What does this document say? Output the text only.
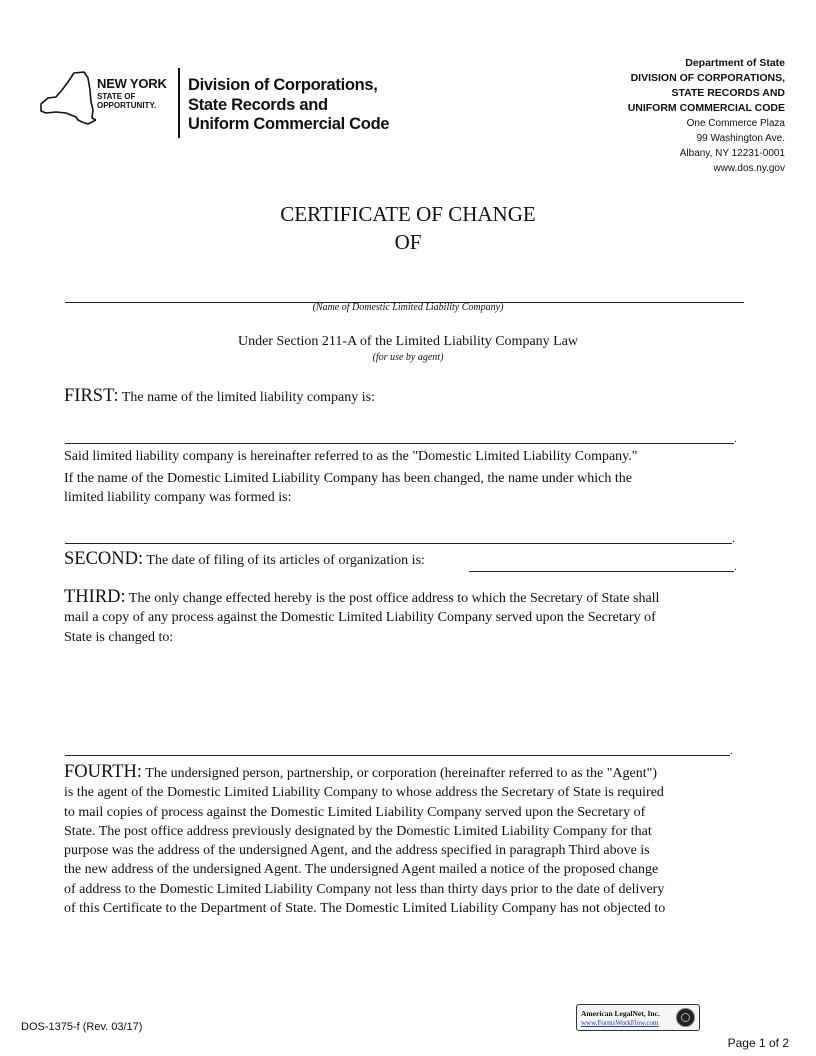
NEW YORK
STATE OF
OPPORTUNITY.
Division of Corporations,
State Records and
Uniform Commercial Code
Department of State
DIVISION OF CORPORATIONS,
STATE RECORDS AND
UNIFORM COMMERCIAL CODE
One Commerce Plaza
99 Washington Ave.
Albany, NY 12231-0001
www.dos.ny.gov
CERTIFICATE OF CHANGE
OF
(Name of Domestic Limited Liability Company)
Under Section 211-A of the Limited Liability Company Law
(for use by agent)
FIRST: The name of the limited liability company is:
.
Said limited liability company is hereinafter referred to as the "Domestic Limited Liability Company."
If the name of the Domestic Limited Liability Company has been changed, the name under which the
limited liability company was formed is:
.
SECOND: The date of filing of its articles of organization is:	.
THIRD: The only change effected hereby is the post office address to which the Secretary of State shall
mail a copy of any process against the Domestic Limited Liability Company served upon the Secretary of
State is changed to:
.
FOURTH: The undersigned person, partnership, or corporation (hereinafter referred to as the "Agent")
is the agent of the Domestic Limited Liability Company to whose address the Secretary of State is required
to mail copies of process against the Domestic Limited Liability Company served upon the Secretary of
State. The post office address previously designated by the Domestic Limited Liability Company for that
purpose was the address of the undersigned Agent, and the address specified in paragraph Third above is
the new address of the undersigned Agent. The undersigned Agent mailed a notice of the proposed change
of address to the Domestic Limited Liability Company not less than thirty days prior to the date of delivery
of this Certificate to the Department of State. The Domestic Limited Liability Company has not objected to
DOS-1375-f (Rev. 03/17)
American LegalNet, Inc.
www.FormsWorkFlow.com
Page 1 of 2
